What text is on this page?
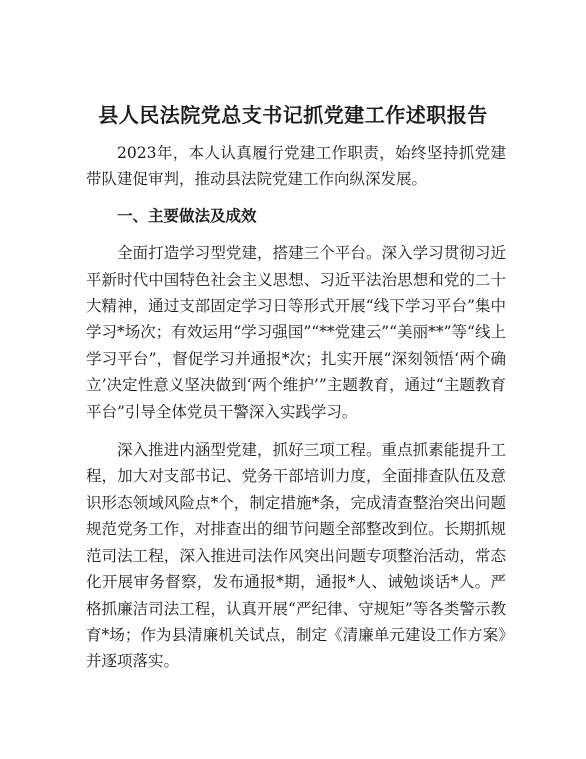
县人民法院党总支书记抓党建工作述职报告

2023年，本人认真履行党建工作职责，始终坚持抓党建带队建促审判，推动县法院党建工作向纵深发展。

一、主要做法及成效

全面打造学习型党建，搭建三个平台。深入学习贯彻习近平新时代中国特色社会主义思想、习近平法治思想和党的二十大精神，通过支部固定学习日等形式开展“线下学习平台”集中学习*场次；有效运用“学习强国”“**党建云”“美丽**”等“线上学习平台”，督促学习并通报*次；扎实开展“深刻领悟‘两个确立’决定性意义坚决做到‘两个维护’”主题教育，通过“主题教育平台”引导全体党员干警深入实践学习。

深入推进内涵型党建，抓好三项工程。重点抓素能提升工程，加大对支部书记、党务干部培训力度，全面排查队伍及意识形态领域风险点*个，制定措施*条，完成清查整治突出问题规范党务工作，对排查出的细节问题全部整改到位。长期抓规范司法工程，深入推进司法作风突出问题专项整治活动，常态化开展审务督察，发布通报*期，通报*人、诫勉谈话*人。严格抓廉洁司法工程，认真开展“严纪律、守规矩”等各类警示教育*场；作为县清廉机关试点，制定《清廉单元建设工作方案》并逐项落实。
